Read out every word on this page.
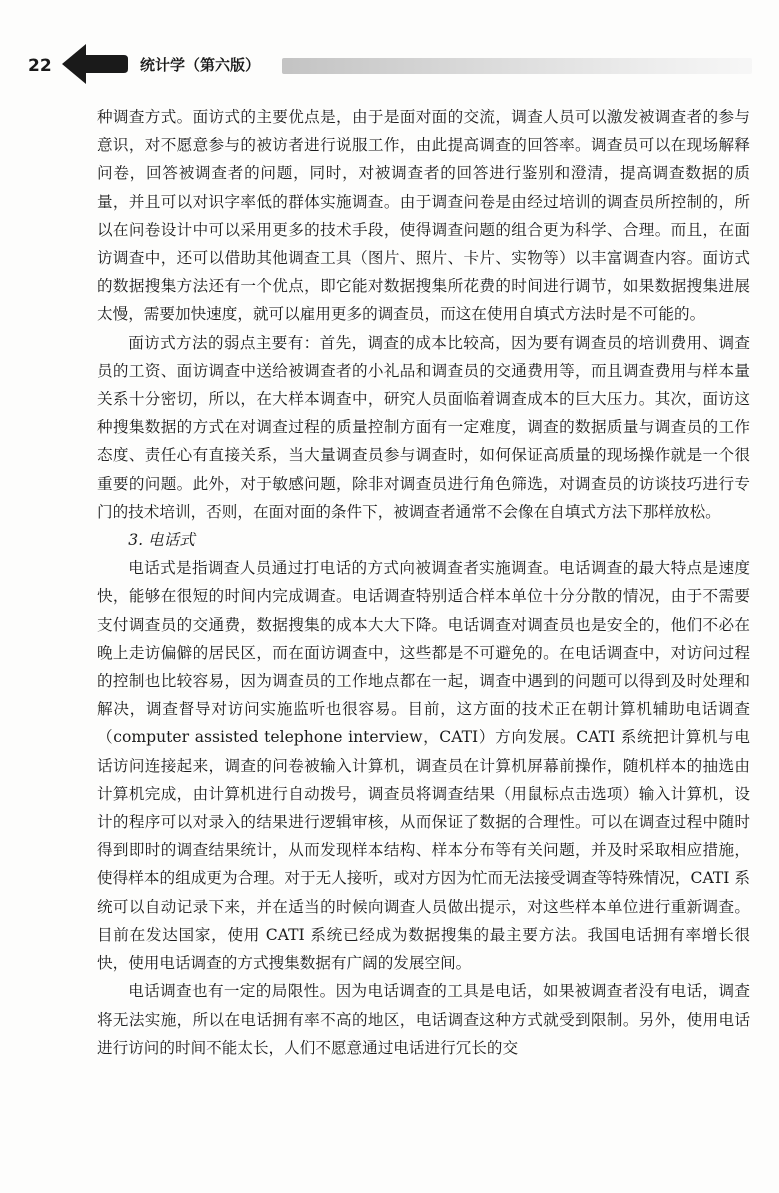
22	统计学（第六版）

种调查方式。面访式的主要优点是，由于是面对面的交流，调查人员可以激发被调查者的参与意识，对不愿意参与的被访者进行说服工作，由此提高调查的回答率。调查员可以在现场解释问卷，回答被调查者的问题，同时，对被调查者的回答进行鉴别和澄清，提高调查数据的质量，并且可以对识字率低的群体实施调查。由于调查问卷是由经过培训的调查员所控制的，所以在问卷设计中可以采用更多的技术手段，使得调查问题的组合更为科学、合理。而且，在面访调查中，还可以借助其他调查工具（图片、照片、卡片、实物等）以丰富调查内容。面访式的数据搜集方法还有一个优点，即它能对数据搜集所花费的时间进行调节，如果数据搜集进展太慢，需要加快速度，就可以雇用更多的调查员，而这在使用自填式方法时是不可能的。

面访式方法的弱点主要有：首先，调查的成本比较高，因为要有调查员的培训费用、调查员的工资、面访调查中送给被调查者的小礼品和调查员的交通费用等，而且调查费用与样本量关系十分密切，所以，在大样本调查中，研究人员面临着调查成本的巨大压力。其次，面访这种搜集数据的方式在对调查过程的质量控制方面有一定难度，调查的数据质量与调查员的工作态度、责任心有直接关系，当大量调查员参与调查时，如何保证高质量的现场操作就是一个很重要的问题。此外，对于敏感问题，除非对调查员进行角色筛选，对调查员的访谈技巧进行专门的技术培训，否则，在面对面的条件下，被调查者通常不会像在自填式方法下那样放松。

3. 电话式

电话式是指调查人员通过打电话的方式向被调查者实施调查。电话调查的最大特点是速度快，能够在很短的时间内完成调查。电话调查特别适合样本单位十分分散的情况，由于不需要支付调查员的交通费，数据搜集的成本大大下降。电话调查对调查员也是安全的，他们不必在晚上走访偏僻的居民区，而在面访调查中，这些都是不可避免的。在电话调查中，对访问过程的控制也比较容易，因为调查员的工作地点都在一起，调查中遇到的问题可以得到及时处理和解决，调查督导对访问实施监听也很容易。目前，这方面的技术正在朝计算机辅助电话调查（computer assisted telephone interview，CATI）方向发展。CATI 系统把计算机与电话访问连接起来，调查的问卷被输入计算机，调查员在计算机屏幕前操作，随机样本的抽选由计算机完成，由计算机进行自动拨号，调查员将调查结果（用鼠标点击选项）输入计算机，设计的程序可以对录入的结果进行逻辑审核，从而保证了数据的合理性。可以在调查过程中随时得到即时的调查结果统计，从而发现样本结构、样本分布等有关问题，并及时采取相应措施，使得样本的组成更为合理。对于无人接听，或对方因为忙而无法接受调查等特殊情况，CATI 系统可以自动记录下来，并在适当的时候向调查人员做出提示，对这些样本单位进行重新调查。目前在发达国家，使用 CATI 系统已经成为数据搜集的最主要方法。我国电话拥有率增长很快，使用电话调查的方式搜集数据有广阔的发展空间。

电话调查也有一定的局限性。因为电话调查的工具是电话，如果被调查者没有电话，调查将无法实施，所以在电话拥有率不高的地区，电话调查这种方式就受到限制。另外，使用电话进行访问的时间不能太长，人们不愿意通过电话进行冗长的交
